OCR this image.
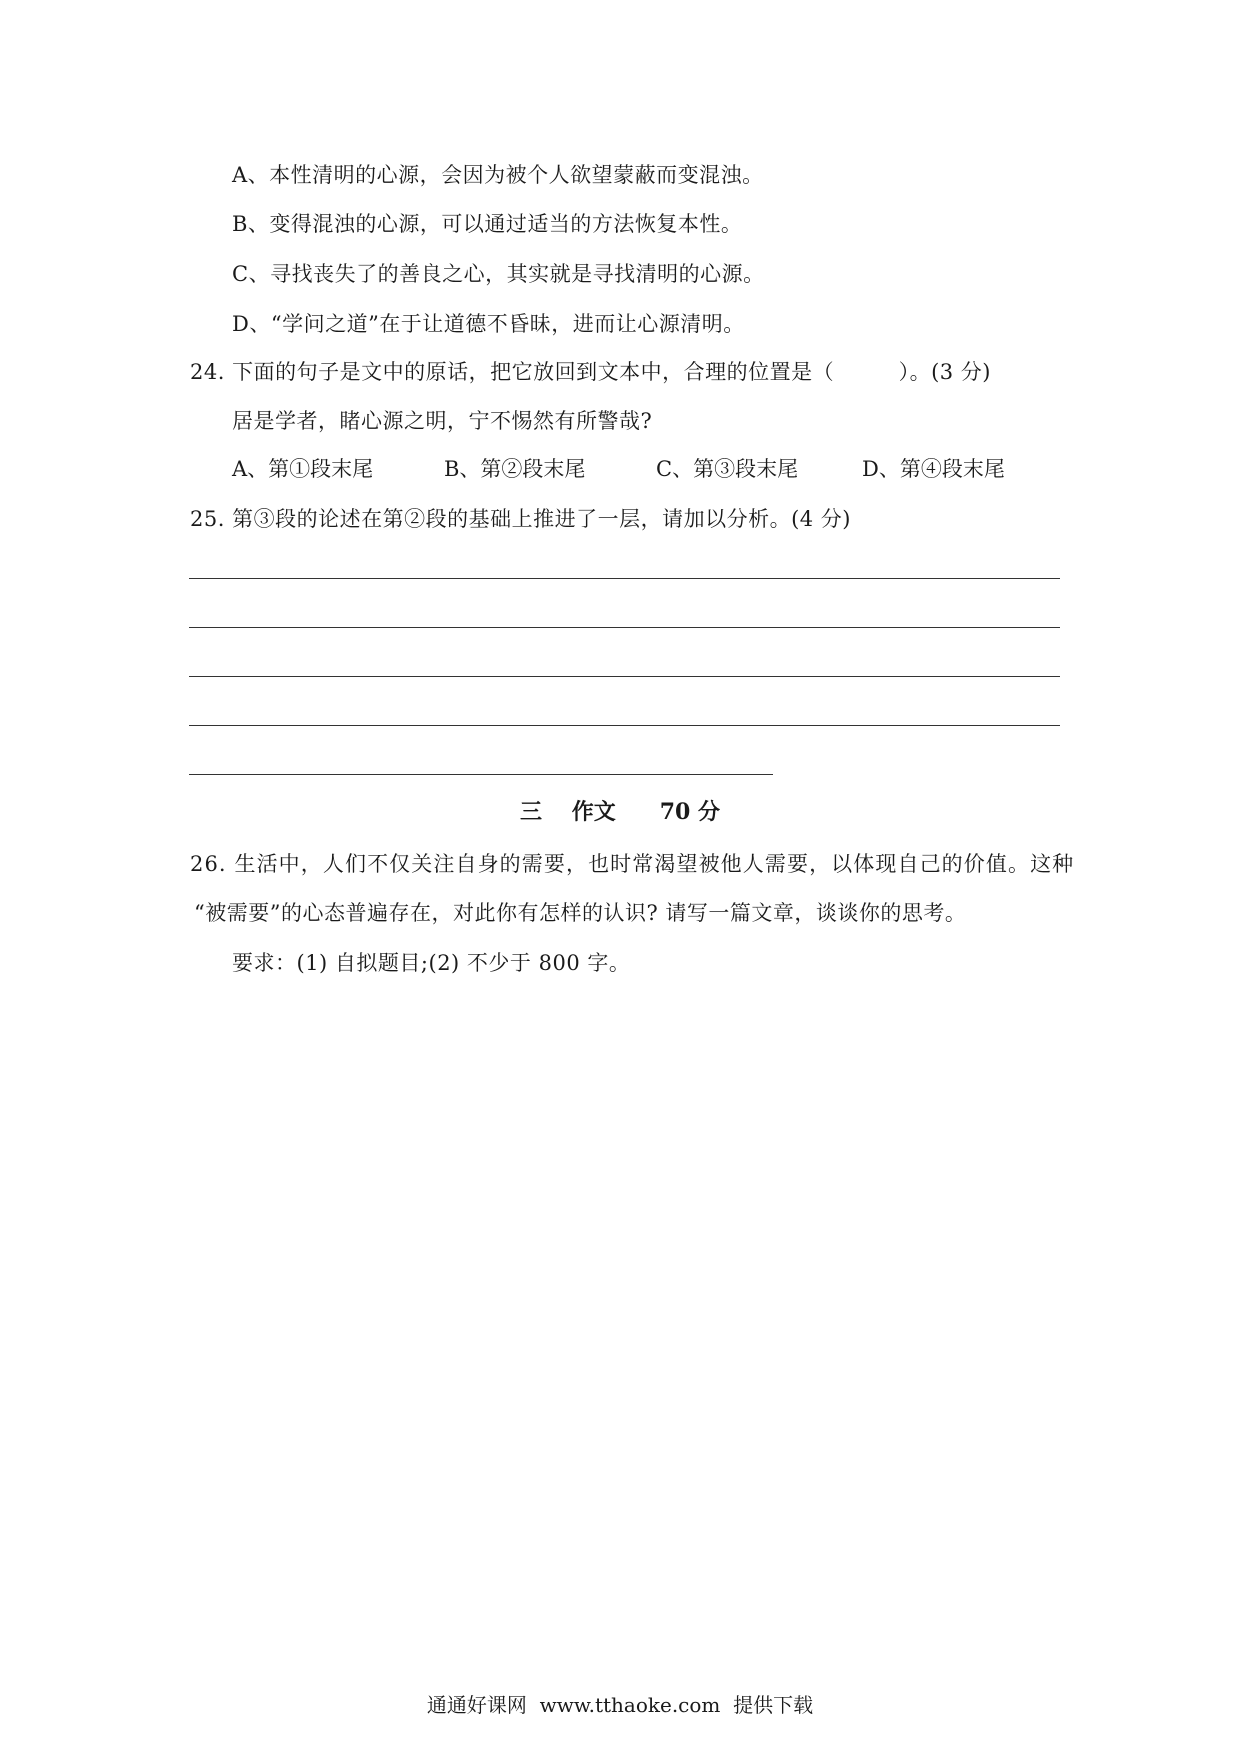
A、本性清明的心源，会因为被个人欲望蒙蔽而变混浊。
B、变得混浊的心源，可以通过适当的方法恢复本性。
C、寻找丧失了的善良之心，其实就是寻找清明的心源。
D、“学问之道”在于让道德不昏昧，进而让心源清明。
24. 下面的句子是文中的原话，把它放回到文本中，合理的位置是（　　　）。(3 分)
居是学者，睹心源之明，宁不惕然有所警哉?
A、第①段末尾	B、第②段末尾	C、第③段末尾	D、第④段末尾
25. 第③段的论述在第②段的基础上推进了一层，请加以分析。(4 分)
三　 作文　　70 分
26. 生活中，人们不仅关注自身的需要，也时常渴望被他人需要，以体现自己的价值。这种
“被需要”的心态普遍存在，对此你有怎样的认识? 请写一篇文章，谈谈你的思考。
要求：(1) 自拟题目;(2) 不少于 800 字。
通通好课网  www.tthaoke.com  提供下载
